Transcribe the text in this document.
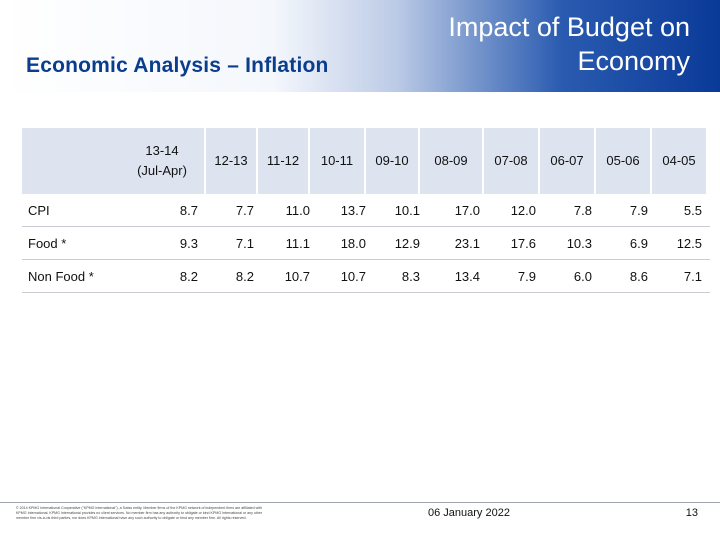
Economic Analysis – Inflation
Impact of Budget on Economy
13-14
(Jul-Apr)
12-13	11-12	10-11	09-10	08-09	07-08	06-07	05-06	04-05
CPI	8.7	7.7	11.0	13.7	10.1	17.0	12.0	7.8	7.9	5.5
Food *	9.3	7.1	11.1	18.0	12.9	23.1	17.6	10.3	6.9	12.5
Non Food *	8.2	8.2	10.7	10.7	8.3	13.4	7.9	6.0	8.6	7.1
© 2014 KPMG International Cooperative ("KPMG International"), a Swiss entity. Member firms of the KPMG network of independent firms are affiliated with KPMG International. KPMG International provides no client services. No member firm has any authority to obligate or bind KPMG International or any other member firm vis-à-vis third parties, nor does KPMG International have any such authority to obligate or bind any member firm. All rights reserved.	06 January 2022	13
